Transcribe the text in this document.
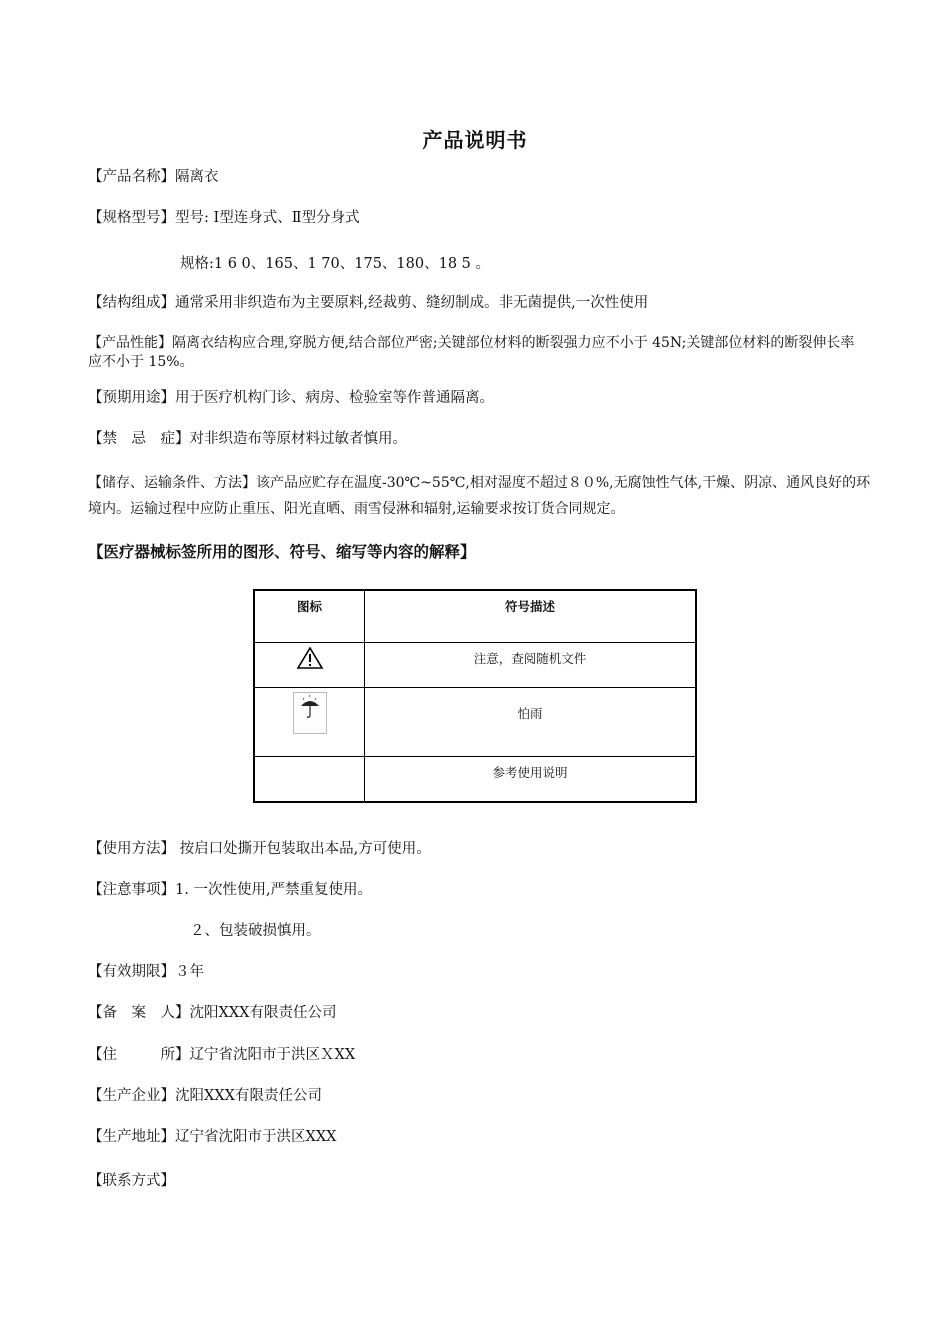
产品说明书
【产品名称】隔离衣
【规格型号】型号: Ⅰ型连身式、Ⅱ型分身式
规格:1 6 0、165、1 70、175、180、18 5 。
【结构组成】通常采用非织造布为主要原料,经裁剪、缝纫制成。非无菌提供,一次性使用
【产品性能】隔离衣结构应合理,穿脱方便,结合部位严密;关键部位材料的断裂强力应不小于 45N;关键部位材料的断裂伸长率应不小于 15%。
【预期用途】用于医疗机构门诊、病房、检验室等作普通隔离。
【禁　忌　症】对非织造布等原材料过敏者慎用。
【储存、运输条件、方法】该产品应贮存在温度-30℃~55℃,相对湿度不超过８０%,无腐蚀性气体,干燥、阴凉、通风良好的环境内。运输过程中应防止重压、阳光直晒、雨雪侵淋和辐射,运输要求按订货合同规定。
【医疗器械标签所用的图形、符号、缩写等内容的解释】
图标	符号描述
	注意，查阅随机文件

	怕雨
	参考使用说明
【使用方法】 按启口处撕开包装取出本品,方可使用。
【注意事项】1. 一次性使用,严禁重复使用。
２、包装破损慎用。
【有效期限】３年
【备　案　人】沈阳XXX有限责任公司
【住　　　所】辽宁省沈阳市于洪区ＸXX
【生产企业】沈阳XXX有限责任公司
【生产地址】辽宁省沈阳市于洪区XXX
【联系方式】
